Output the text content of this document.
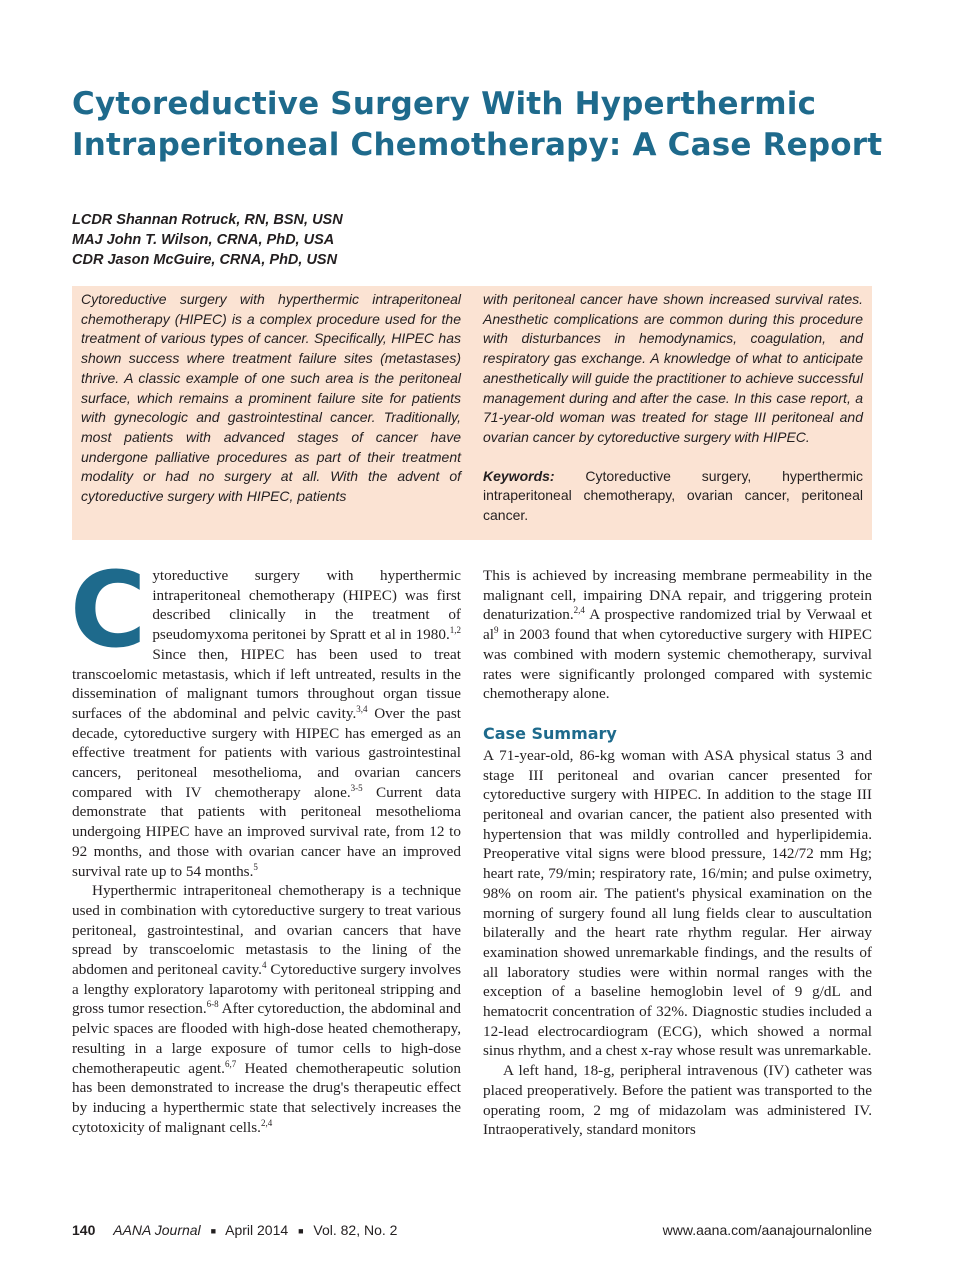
Cytoreductive Surgery With Hyperthermic
Intraperitoneal Chemotherapy: A Case Report
LCDR Shannan Rotruck, RN, BSN, USN
MAJ John T. Wilson, CRNA, PhD, USA
CDR Jason McGuire, CRNA, PhD, USN

Cytoreductive surgery with hyperthermic intraperitoneal chemotherapy (HIPEC) is a complex procedure used for the treatment of various types of cancer. Specifically, HIPEC has shown success where treatment failure sites (metastases) thrive. A classic example of one such area is the peritoneal surface, which remains a prominent failure site for patients with gynecologic and gastrointestinal cancer. Traditionally, most patients with advanced stages of cancer have undergone palliative procedures as part of their treatment modality or had no surgery at all. With the advent of cytoreductive surgery with HIPEC, patients

with peritoneal cancer have shown increased survival rates. Anesthetic complications are common during this procedure with disturbances in hemodynamics, coagulation, and respiratory gas exchange. A knowledge of what to anticipate anesthetically will guide the practitioner to achieve successful management during and after the case. In this case report, a 71-year-old woman was treated for stage III peritoneal and ovarian cancer by cytoreductive surgery with HIPEC.

Keywords: Cytoreductive surgery, hyperthermic intraperitoneal chemotherapy, ovarian cancer, peritoneal cancer.

Cytoreductive surgery with hyperthermic intraperitoneal chemotherapy (HIPEC) was first described clinically in the treatment of pseudomyxoma peritonei by Spratt et al in 1980.$^{1,2}$ Since then, HIPEC has been used to treat transcoelomic metastasis, which if left untreated, results in the dissemination of malignant tumors throughout organ tissue surfaces of the abdominal and pelvic cavity.$^{3,4}$ Over the past decade, cytoreductive surgery with HIPEC has emerged as an effective treatment for patients with various gastrointestinal cancers, peritoneal mesothelioma, and ovarian cancers compared with IV chemotherapy alone.$^{3-5}$ Current data demonstrate that patients with peritoneal mesothelioma undergoing HIPEC have an improved survival rate, from 12 to 92 months, and those with ovarian cancer have an improved survival rate up to 54 months.$^5$

Hyperthermic intraperitoneal chemotherapy is a technique used in combination with cytoreductive surgery to treat various peritoneal, gastrointestinal, and ovarian cancers that have spread by transcoelomic metastasis to the lining of the abdomen and peritoneal cavity.$^4$ Cytoreductive surgery involves a lengthy exploratory laparotomy with peritoneal stripping and gross tumor resection.$^{6-8}$ After cytoreduction, the abdominal and pelvic spaces are flooded with high-dose heated chemotherapy, resulting in a large exposure of tumor cells to high-dose chemotherapeutic agent.$^{6,7}$ Heated chemotherapeutic solution has been demonstrated to increase the drug's therapeutic effect by inducing a hyperthermic state that selectively increases the cytotoxicity of malignant cells.$^{2,4}$

This is achieved by increasing membrane permeability in the malignant cell, impairing DNA repair, and triggering protein denaturization.$^{2,4}$ A prospective randomized trial by Verwaal et $al^9$ in 2003 found that when cytoreductive surgery with HIPEC was combined with modern systemic chemotherapy, survival rates were significantly prolonged compared with systemic chemotherapy alone.

Case Summary

A 71-year-old, 86-kg woman with ASA physical status 3 and stage III peritoneal and ovarian cancer presented for cytoreductive surgery with HIPEC. In addition to the stage III peritoneal and ovarian cancer, the patient also presented with hypertension that was mildly controlled and hyperlipidemia. Preoperative vital signs were blood pressure, 142/72 mm Hg; heart rate, 79/min; respiratory rate, 16/min; and pulse oximetry, 98% on room air. The patient's physical examination on the morning of surgery found all lung fields clear to auscultation bilaterally and the heart rate rhythm regular. Her airway examination showed unremarkable findings, and the results of all laboratory studies were within normal ranges with the exception of a baseline hemoglobin level of 9 g/dL and hematocrit concentration of 32%. Diagnostic studies included a 12-lead electrocardiogram (ECG), which showed a normal sinus rhythm, and a chest x-ray whose result was unremarkable.

A left hand, 18-g, peripheral intravenous (IV) catheter was placed preoperatively. Before the patient was transported to the operating room, 2 mg of midazolam was administered IV. Intraoperatively, standard monitors

140 AANA Journal ■ April 2014 ■ Vol. 82, No. 2	www.aana.com/aanajournalonline
